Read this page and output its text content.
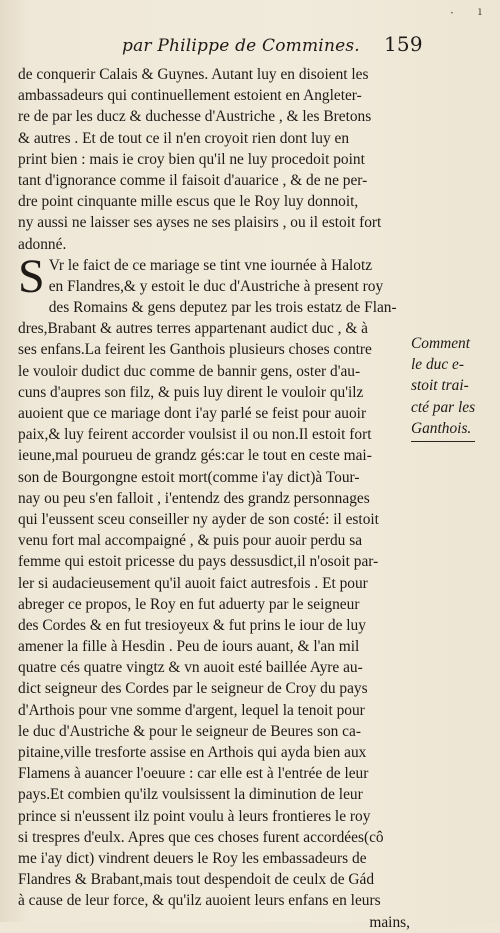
· ı
par Philippe de Commines. 159
de conquerir Calais & Guynes. Autant luy en disoient les
ambassadeurs qui continuellement estoient en Angleter-
re de par les ducz & duchesse d'Austriche , & les Bretons
& autres . Et de tout ce il n'en croyoit rien dont luy en
print bien : mais ie croy bien qu'il ne luy procedoit point
tant d'ignorance comme il faisoit d'auarice , & de ne per-
dre point cinquante mille escus que le Roy luy donnoit,
ny aussi ne laisser ses ayses ne ses plaisirs , ou il estoit fort
adonné.
S Vr le faict de ce mariage se tint vne iournée à Halotz
en Flandres,& y estoit le duc d'Austriche à present roy
des Romains & gens deputez par les trois estatz de Flan-
dres,Brabant & autres terres appartenant audict duc , & à
ses enfans.La feirent les Ganthois plusieurs choses contre
le vouloir dudict duc comme de bannir gens, oster d'au-
cuns d'aupres son filz, & puis luy dirent le vouloir qu'ilz
auoient que ce mariage dont i'ay parlé se feist pour auoir
paix,& luy feirent accorder voulsist il ou non.Il estoit fort
ieune,mal pourueu de grandz gés:car le tout en ceste mai-
son de Bourgongne estoit mort(comme i'ay dict)à Tour-
nay ou peu s'en falloit , i'entendz des grandz personnages
qui l'eussent sceu conseiller ny ayder de son costé: il estoit
venu fort mal accompaigné , & puis pour auoir perdu sa
femme qui estoit pricesse du pays dessusdict,il n'osoit par-
ler si audacieusement qu'il auoit faict autresfois . Et pour
abreger ce propos, le Roy en fut aduerty par le seigneur
des Cordes & en fut tresioyeux & fut prins le iour de luy
amener la fille à Hesdin . Peu de iours auant, & l'an mil
quatre cés quatre vingtz & vn auoit esté baillée Ayre au-
dict seigneur des Cordes par le seigneur de Croy du pays
d'Arthois pour vne somme d'argent, lequel la tenoit pour
le duc d'Austriche & pour le seigneur de Beures son ca-
pitaine,ville tresforte assise en Arthois qui ayda bien aux
Flamens à auancer l'oeuure : car elle est à l'entrée de leur
pays.Et combien qu'ilz voulsissent la diminution de leur
prince si n'eussent ilz point voulu à leurs frontieres le roy
si trespres d'eulx. Apres que ces choses furent accordées(cô
me i'ay dict) vindrent deuers le Roy les embassadeurs de
Flandres & Brabant,mais tout despendoit de ceulx de Gád
à cause de leur force, & qu'ilz auoient leurs enfans en leurs
mains,
Comment
le duc e-
stoit trai-
cté par les
Ganthois.
